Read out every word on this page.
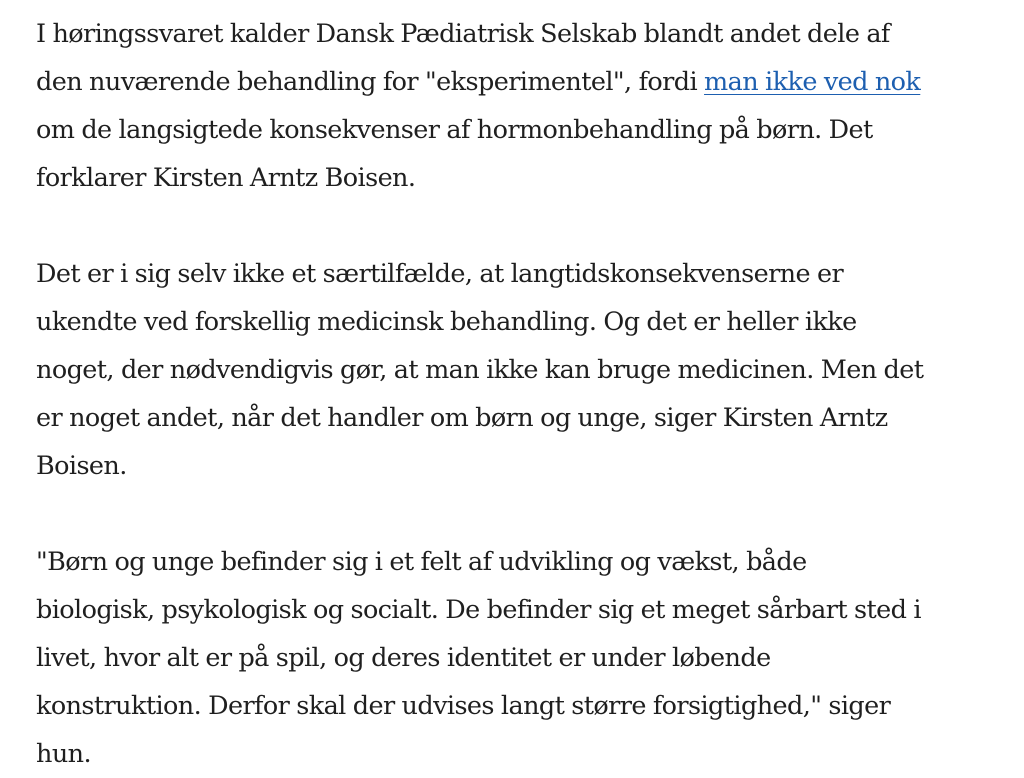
I høringssvaret kalder Dansk Pædiatrisk Selskab blandt andet dele af
den nuværende behandling for "eksperimentel", fordi man ikke ved nok
om de langsigtede konsekvenser af hormonbehandling på børn. Det
forklarer Kirsten Arntz Boisen.

Det er i sig selv ikke et særtilfælde, at langtidskonsekvenserne er
ukendte ved forskellig medicinsk behandling. Og det er heller ikke
noget, der nødvendigvis gør, at man ikke kan bruge medicinen. Men det
er noget andet, når det handler om børn og unge, siger Kirsten Arntz
Boisen.

"Børn og unge befinder sig i et felt af udvikling og vækst, både
biologisk, psykologisk og socialt. De befinder sig et meget sårbart sted i
livet, hvor alt er på spil, og deres identitet er under løbende
konstruktion. Derfor skal der udvises langt større forsigtighed," siger
hun.
